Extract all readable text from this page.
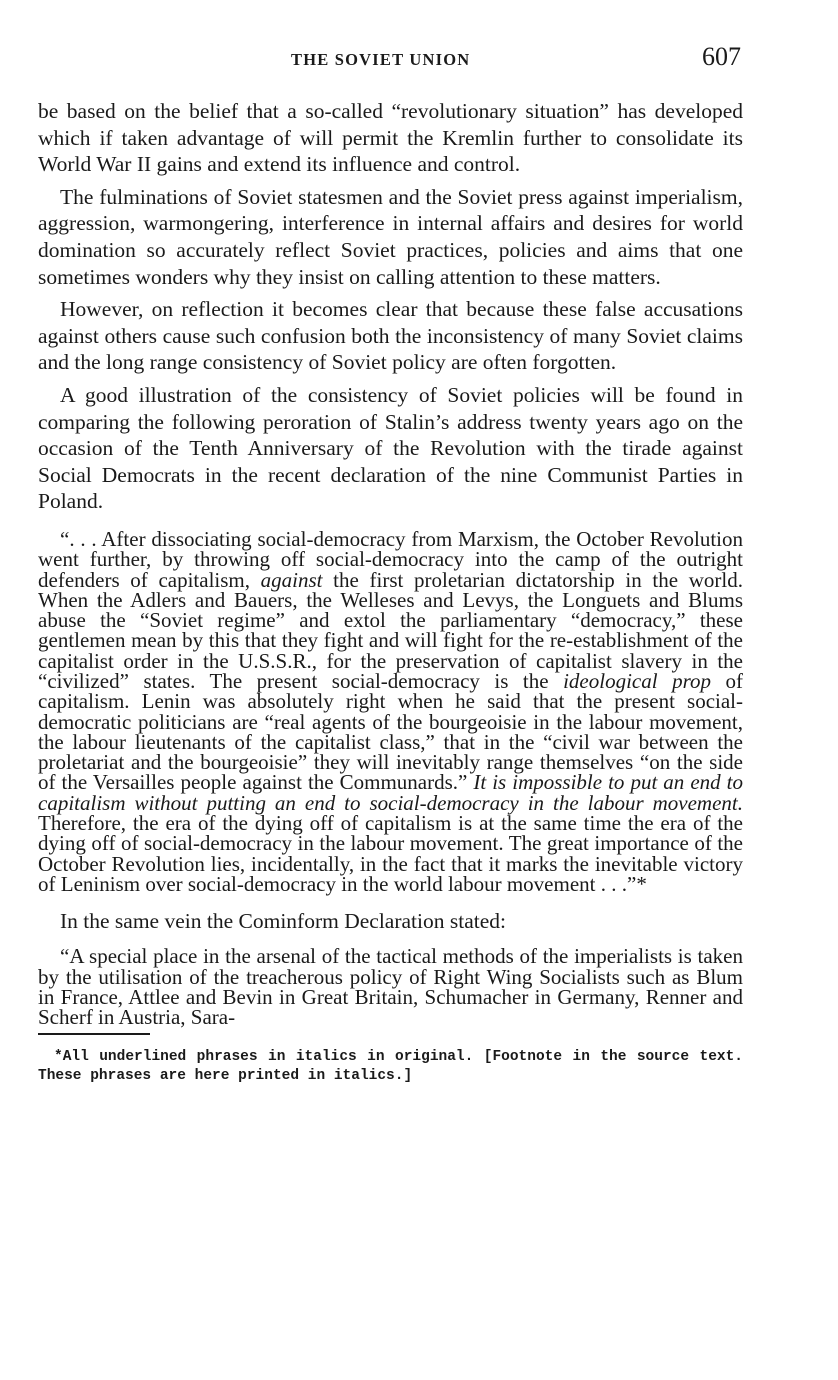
THE SOVIET UNION	607

be based on the belief that a so-called “revolutionary situation” has developed which if taken advantage of will permit the Kremlin further to consolidate its World War II gains and extend its influence and control.

The fulminations of Soviet statesmen and the Soviet press against imperialism, aggression, warmongering, interference in internal affairs and desires for world domination so accurately reflect Soviet practices, policies and aims that one sometimes wonders why they insist on calling attention to these matters.

However, on reflection it becomes clear that because these false accusations against others cause such confusion both the inconsistency of many Soviet claims and the long range consistency of Soviet policy are often forgotten.

A good illustration of the consistency of Soviet policies will be found in comparing the following peroration of Stalin’s address twenty years ago on the occasion of the Tenth Anniversary of the Revolution with the tirade against Social Democrats in the recent declaration of the nine Communist Parties in Poland.

“. . . After dissociating social-democracy from Marxism, the October Revolution went further, by throwing off social-democracy into the camp of the outright defenders of capitalism, against the first proletarian dictatorship in the world. When the Adlers and Bauers, the Welleses and Levys, the Longuets and Blums abuse the “Soviet regime” and extol the parliamentary “democracy,” these gentlemen mean by this that they fight and will fight for the re-establishment of the capitalist order in the U.S.S.R., for the preservation of capitalist slavery in the “civilized” states. The present social-democracy is the ideological prop of capitalism. Lenin was absolutely right when he said that the present social-democratic politicians are “real agents of the bourgeoisie in the labour movement, the labour lieutenants of the capitalist class,” that in the “civil war between the proletariat and the bourgeoisie” they will inevitably range themselves “on the side of the Versailles people against the Communards.” It is impossible to put an end to capitalism without putting an end to social-democracy in the labour movement. Therefore, the era of the dying off of capitalism is at the same time the era of the dying off of social-democracy in the labour movement. The great importance of the October Revolution lies, incidentally, in the fact that it marks the inevitable victory of Leninism over social-democracy in the world labour movement . . .”*

In the same vein the Cominform Declaration stated:

“A special place in the arsenal of the tactical methods of the imperialists is taken by the utilisation of the treacherous policy of Right Wing Socialists such as Blum in France, Attlee and Bevin in Great Britain, Schumacher in Germany, Renner and Scherf in Austria, Sara-

*All underlined phrases in italics in original. [Footnote in the source text. These phrases are here printed in italics.]
